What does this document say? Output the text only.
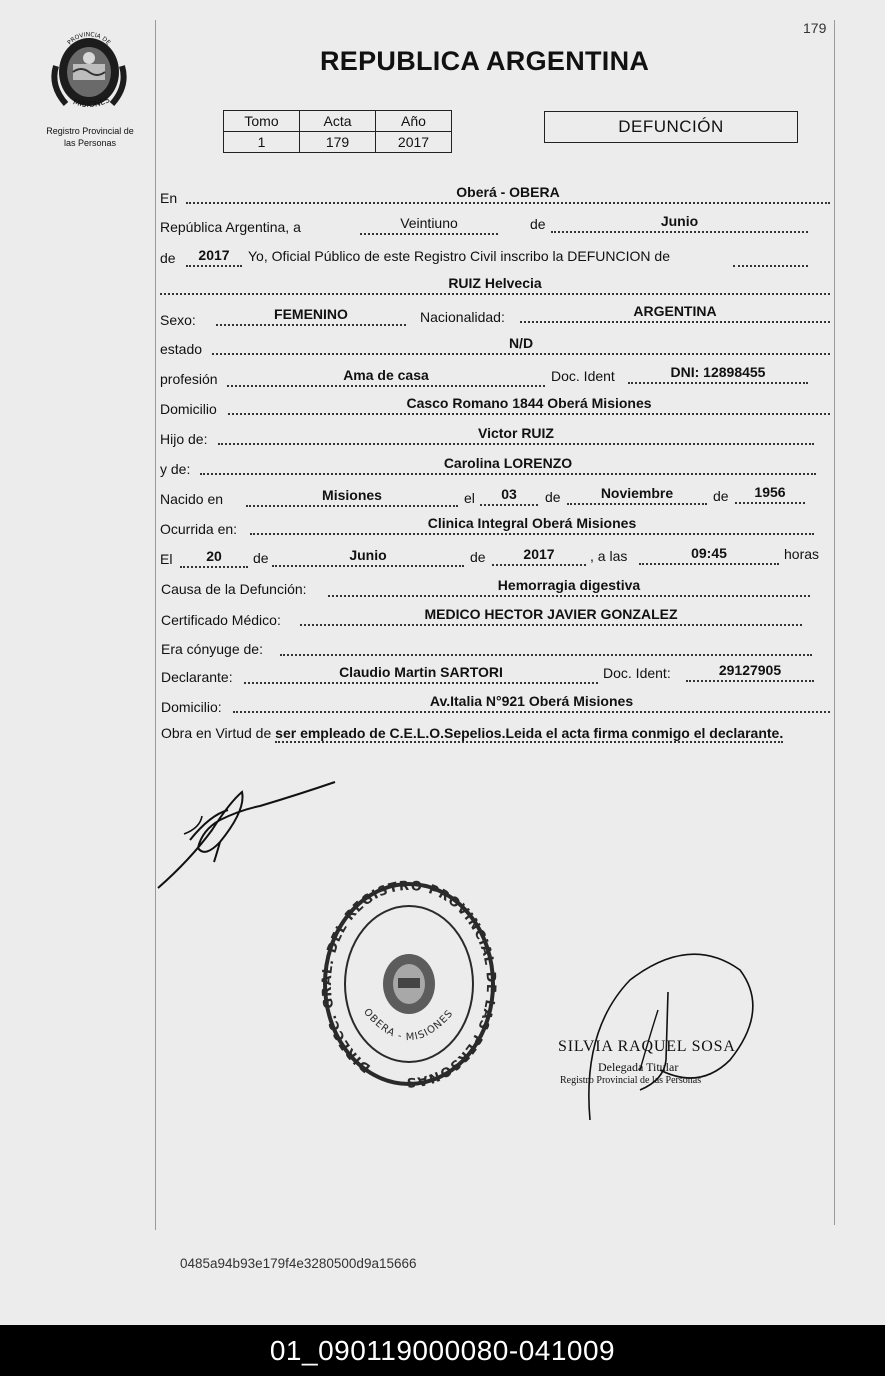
179
PROVINCIA DE
MISIONES
Registro Provincial de
las Personas
REPUBLICA ARGENTINA
Tomo	Acta	Año
1	179	2017
DEFUNCIÓN
En	Oberá - OBERA
República Argentina, a	Veintiuno	de	Junio
de	2017	Yo, Oficial Público de este Registro Civil inscribo la DEFUNCION de
RUIZ Helvecia
Sexo:	FEMENINO	Nacionalidad:	ARGENTINA
estado	N/D
profesión	Ama de casa	Doc. Ident	DNI: 12898455
Domicilio	Casco Romano 1844 Oberá Misiones
Hijo de:	Victor RUIZ
y de:	Carolina LORENZO
Nacido en	Misiones	el	03	de	Noviembre	de	1956
Ocurrida en:	Clinica Integral Oberá Misiones
El	20	de	Junio	de	2017	, a las	09:45	horas
Causa de la Defunción:	Hemorragia digestiva
Certificado Médico:	MEDICO HECTOR JAVIER GONZALEZ
Era cónyuge de:
Declarante:	Claudio Martin SARTORI	Doc. Ident:	29127905
Domicilio:	Av.Italia N°921 Oberá Misiones
Obra en Virtud de ser empleado de C.E.L.O.Sepelios.Leida el acta firma conmigo el declarante.
DIRECC. GRAL. DEL REGISTRO PROVINCIAL DE LAS PERSONAS
OBERA - MISIONES
SILVIA RAQUEL SOSA
Delegada Titular
Registro Provincial de las Personas
0485a94b93e179f4e3280500d9a15666
01_090119000080-041009
